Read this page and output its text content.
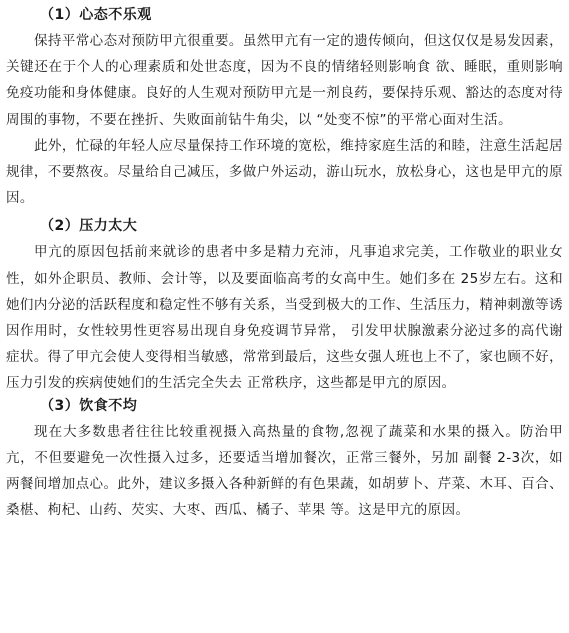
（1）心态不乐观

保持平常心态对预防甲亢很重要。虽然甲亢有一定的遗传倾向，但这仅仅是易发因素，关键还在于个人的心理素质和处世态度，因为不良的情绪轻则影响食 欲、睡眠，重则影响免疫功能和身体健康。良好的人生观对预防甲亢是一剂良药，要保持乐观、豁达的态度对待周围的事物，不要在挫折、失败面前钻牛角尖，以 “处变不惊”的平常心面对生活。

此外，忙碌的年轻人应尽量保持工作环境的宽松，维持家庭生活的和睦，注意生活起居规律，不要熬夜。尽量给自己减压，多做户外运动，游山玩水，放松身心，这也是甲亢的原因。

（2）压力太大

甲亢的原因包括前来就诊的患者中多是精力充沛，凡事追求完美，工作敬业的职业女性，如外企职员、教师、会计等，以及要面临高考的女高中生。她们多在 25岁左右。这和她们内分泌的活跃程度和稳定性不够有关系，当受到极大的工作、生活压力，精神刺激等诱因作用时，女性较男性更容易出现自身免疫调节异常， 引发甲状腺激素分泌过多的高代谢症状。得了甲亢会使人变得相当敏感，常常到最后，这些女强人班也上不了，家也顾不好，压力引发的疾病使她们的生活完全失去 正常秩序，这些都是甲亢的原因。

（3）饮食不均

现在大多数患者往往比较重视摄入高热量的食物,忽视了蔬菜和水果的摄入。防治甲亢，不但要避免一次性摄入过多，还要适当增加餐次，正常三餐外，另加 副餐 2-3次，如两餐间增加点心。此外，建议多摄入各种新鲜的有色果蔬，如胡萝卜、芹菜、木耳、百合、桑椹、枸杞、山药、芡实、大枣、西瓜、橘子、苹果 等。这是甲亢的原因。
